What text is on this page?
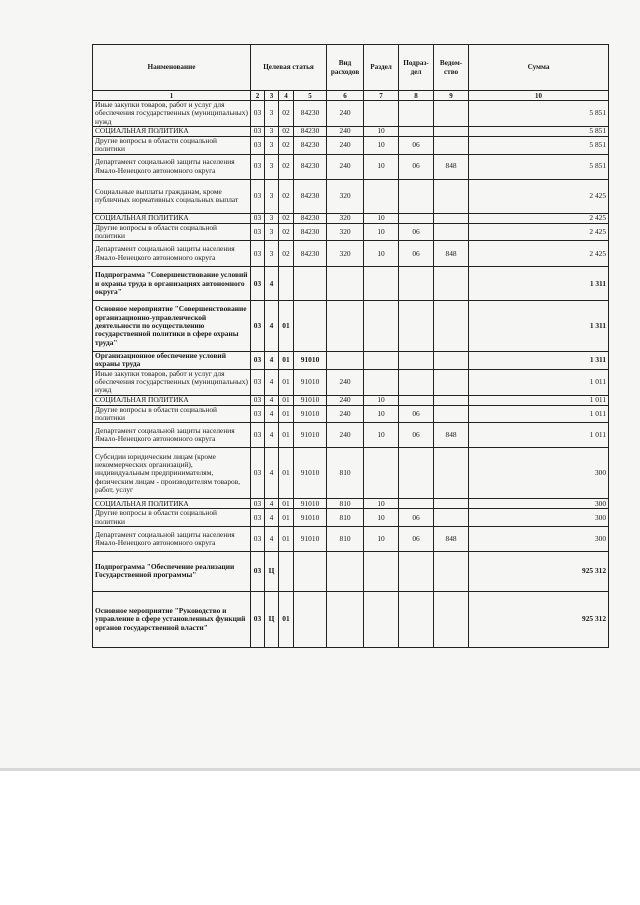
Наименование	Целевая статья				Вид расходов	Раздел	Подраз-дел	Ведом-ство	Сумма
1	2	3	4	5	6	7	8	9	10
Иные закупки товаров, работ и услуг для обеспечения государственных (муниципальных) нужд	03	3	02	84230	240				5 851
СОЦИАЛЬНАЯ ПОЛИТИКА	03	3	02	84230	240	10			5 851
Другие вопросы в области социальной политики	03	3	02	84230	240	10	06		5 851
Департамент социальной защиты населения Ямало-Ненецкого автономного округа	03	3	02	84230	240	10	06	848	5 851
Социальные выплаты гражданам, кроме публичных нормативных социальных выплат	03	3	02	84230	320				2 425
СОЦИАЛЬНАЯ ПОЛИТИКА	03	3	02	84230	320	10			2 425
Другие вопросы в области социальной политики	03	3	02	84230	320	10	06		2 425
Департамент социальной защиты населения Ямало-Ненецкого автономного округа	03	3	02	84230	320	10	06	848	2 425
Подпрограмма "Совершенствование условий и охраны труда в организациях автономного округа"	03	4							1 311
Основное мероприятие "Совершенствование организационно-управленческой деятельности по осуществлению государственной политики в сфере охраны труда"	03	4	01						1 311
Организационное обеспечение условий охраны труда	03	4	01	91010					1 311
Иные закупки товаров, работ и услуг для обеспечения государственных (муниципальных) нужд	03	4	01	91010	240				1 011
СОЦИАЛЬНАЯ ПОЛИТИКА	03	4	01	91010	240	10			1 011
Другие вопросы в области социальной политики	03	4	01	91010	240	10	06		1 011
Департамент социальной защиты населения Ямало-Ненецкого автономного округа	03	4	01	91010	240	10	06	848	1 011
Субсидии юридическим лицам (кроме некоммерческих организаций), индивидуальным предпринимателям, физическим лицам - производителям товаров, работ, услуг	03	4	01	91010	810				300
СОЦИАЛЬНАЯ ПОЛИТИКА	03	4	01	91010	810	10			300
Другие вопросы в области социальной политики	03	4	01	91010	810	10	06		300
Департамент социальной защиты населения Ямало-Ненецкого автономного округа	03	4	01	91010	810	10	06	848	300
Подпрограмма "Обеспечение реализации Государственной программы"	03	Ц							925 312
Основное мероприятие "Руководство и управление в сфере установленных функций органов государственной власти"	03	Ц	01						925 312
